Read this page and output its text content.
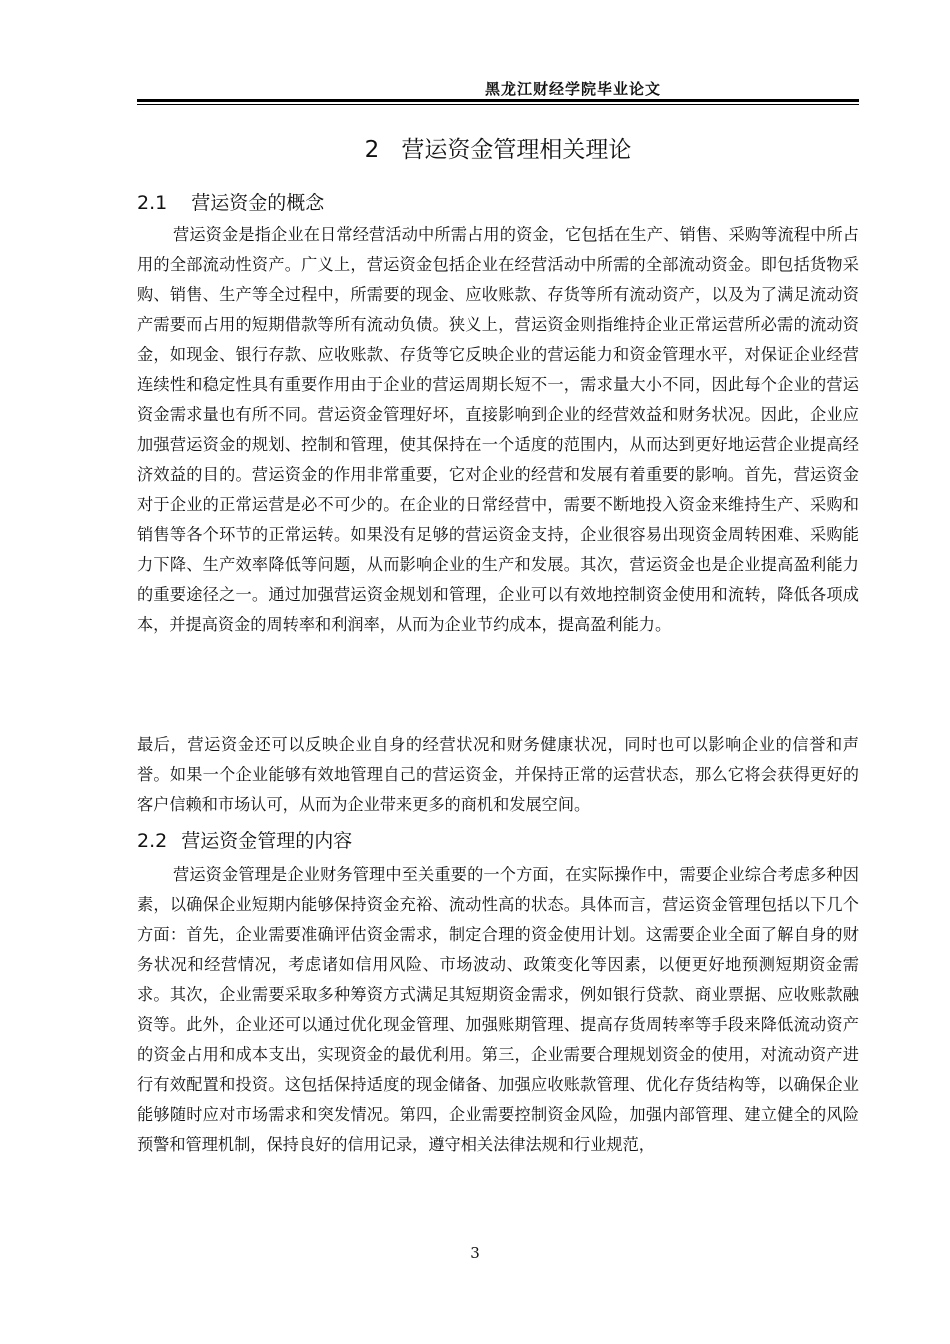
黑龙江财经学院毕业论文
2 营运资金管理相关理论
2.1 营运资金的概念

营运资金是指企业在日常经营活动中所需占用的资金，它包括在生产、销售、采购等流程中所占用的全部流动性资产。广义上，营运资金包括企业在经营活动中所需的全部流动资金。即包括货物采购、销售、生产等全过程中，所需要的现金、应收账款、存货等所有流动资产，以及为了满足流动资产需要而占用的短期借款等所有流动负债。狭义上，营运资金则指维持企业正常运营所必需的流动资金，如现金、银行存款、应收账款、存货等它反映企业的营运能力和资金管理水平，对保证企业经营连续性和稳定性具有重要作用由于企业的营运周期长短不一，需求量大小不同，因此每个企业的营运资金需求量也有所不同。营运资金管理好坏，直接影响到企业的经营效益和财务状况。因此，企业应加强营运资金的规划、控制和管理，使其保持在一个适度的范围内，从而达到更好地运营企业提高经济效益的目的。营运资金的作用非常重要，它对企业的经营和发展有着重要的影响。首先，营运资金对于企业的正常运营是必不可少的。在企业的日常经营中，需要不断地投入资金来维持生产、采购和销售等各个环节的正常运转。如果没有足够的营运资金支持，企业很容易出现资金周转困难、采购能力下降、生产效率降低等问题，从而影响企业的生产和发展。其次，营运资金也是企业提高盈利能力的重要途径之一。通过加强营运资金规划和管理，企业可以有效地控制资金使用和流转，降低各项成本，并提高资金的周转率和利润率，从而为企业节约成本，提高盈利能力。

最后，营运资金还可以反映企业自身的经营状况和财务健康状况，同时也可以影响企业的信誉和声誉。如果一个企业能够有效地管理自己的营运资金，并保持正常的运营状态，那么它将会获得更好的客户信赖和市场认可，从而为企业带来更多的商机和发展空间。

2.2 营运资金管理的内容

营运资金管理是企业财务管理中至关重要的一个方面，在实际操作中，需要企业综合考虑多种因素，以确保企业短期内能够保持资金充裕、流动性高的状态。具体而言，营运资金管理包括以下几个方面：首先，企业需要准确评估资金需求，制定合理的资金使用计划。这需要企业全面了解自身的财务状况和经营情况，考虑诸如信用风险、市场波动、政策变化等因素，以便更好地预测短期资金需求。其次，企业需要采取多种筹资方式满足其短期资金需求，例如银行贷款、商业票据、应收账款融资等。此外，企业还可以通过优化现金管理、加强账期管理、提高存货周转率等手段来降低流动资产的资金占用和成本支出，实现资金的最优利用。第三，企业需要合理规划资金的使用，对流动资产进行有效配置和投资。这包括保持适度的现金储备、加强应收账款管理、优化存货结构等，以确保企业能够随时应对市场需求和突发情况。第四，企业需要控制资金风险，加强内部管理、建立健全的风险预警和管理机制，保持良好的信用记录，遵守相关法律法规和行业规范，

3
